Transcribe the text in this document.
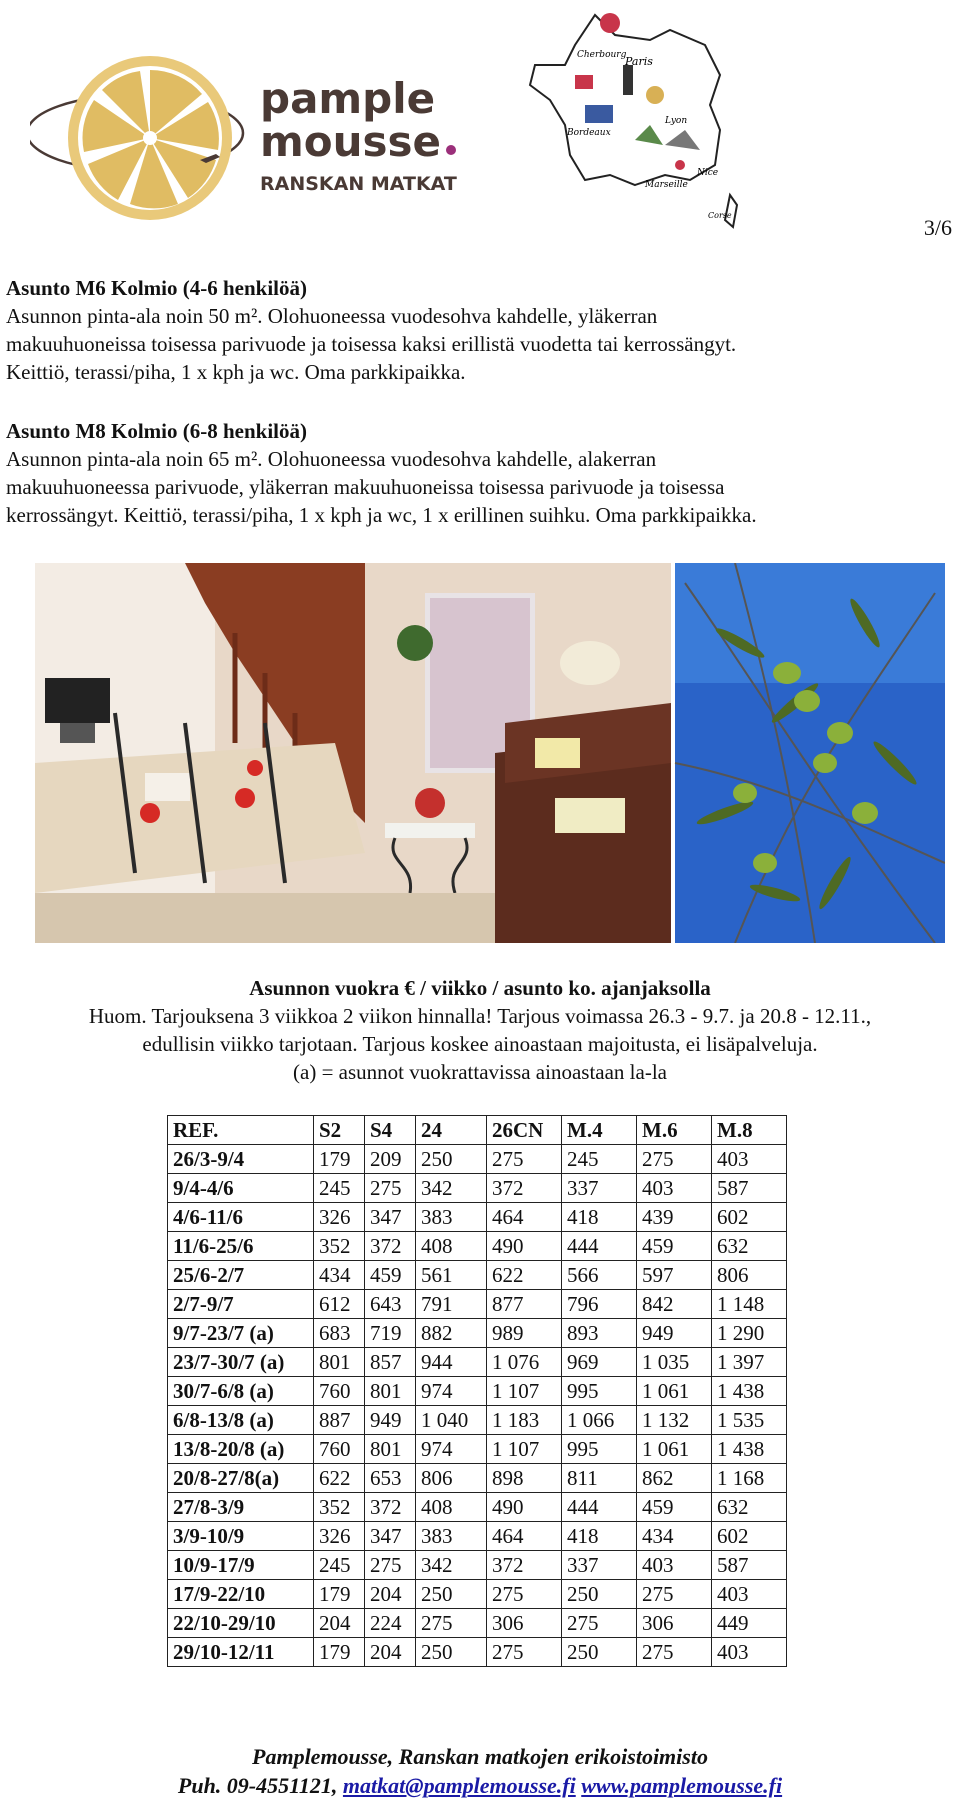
pample
mousse
RANSKAN MATKAT
Cherbourg
Paris
Lyon
Bordeaux
Marseille
Nice
Corse	3/6
Asunto M6 Kolmio (4-6 henkilöä)
Asunnon pinta-ala noin 50 m². Olohuoneessa vuodesohva kahdelle, yläkerran
makuuhuoneissa toisessa parivuode ja toisessa kaksi erillistä vuodetta tai kerrossängyt.
Keittiö, terassi/piha, 1 x kph ja wc. Oma parkkipaikka.
Asunto M8 Kolmio (6-8 henkilöä)
Asunnon pinta-ala noin 65 m². Olohuoneessa vuodesohva kahdelle, alakerran
makuuhuoneessa parivuode, yläkerran makuuhuoneissa toisessa parivuode ja toisessa
kerrossängyt. Keittiö, terassi/piha, 1 x kph ja wc, 1 x erillinen suihku. Oma parkkipaikka.
Asunnon vuokra € / viikko / asunto ko. ajanjaksolla
Huom. Tarjouksena 3 viikkoa 2 viikon hinnalla! Tarjous voimassa 26.3 - 9.7. ja 20.8 - 12.11.,
edullisin viikko tarjotaan. Tarjous koskee ainoastaan majoitusta, ei lisäpalveluja.
(a) = asunnot vuokrattavissa ainoastaan la-la
REF.	S2	S4	24	26CN	M.4	M.6	M.8
26/3-9/4	179	209	250	275	245	275	403
9/4-4/6	245	275	342	372	337	403	587
4/6-11/6	326	347	383	464	418	439	602
11/6-25/6	352	372	408	490	444	459	632
25/6-2/7	434	459	561	622	566	597	806
2/7-9/7	612	643	791	877	796	842	1 148
9/7-23/7 (a)	683	719	882	989	893	949	1 290
23/7-30/7 (a)	801	857	944	1 076	969	1 035	1 397
30/7-6/8 (a)	760	801	974	1 107	995	1 061	1 438
6/8-13/8 (a)	887	949	1 040	1 183	1 066	1 132	1 535
13/8-20/8 (a)	760	801	974	1 107	995	1 061	1 438
20/8-27/8(a)	622	653	806	898	811	862	1 168
27/8-3/9	352	372	408	490	444	459	632
3/9-10/9	326	347	383	464	418	434	602
10/9-17/9	245	275	342	372	337	403	587
17/9-22/10	179	204	250	275	250	275	403
22/10-29/10	204	224	275	306	275	306	449
29/10-12/11	179	204	250	275	250	275	403
Pamplemousse, Ranskan matkojen erikoistoimisto
Puh. 09-4551121, matkat@pamplemousse.fi www.pamplemousse.fi
